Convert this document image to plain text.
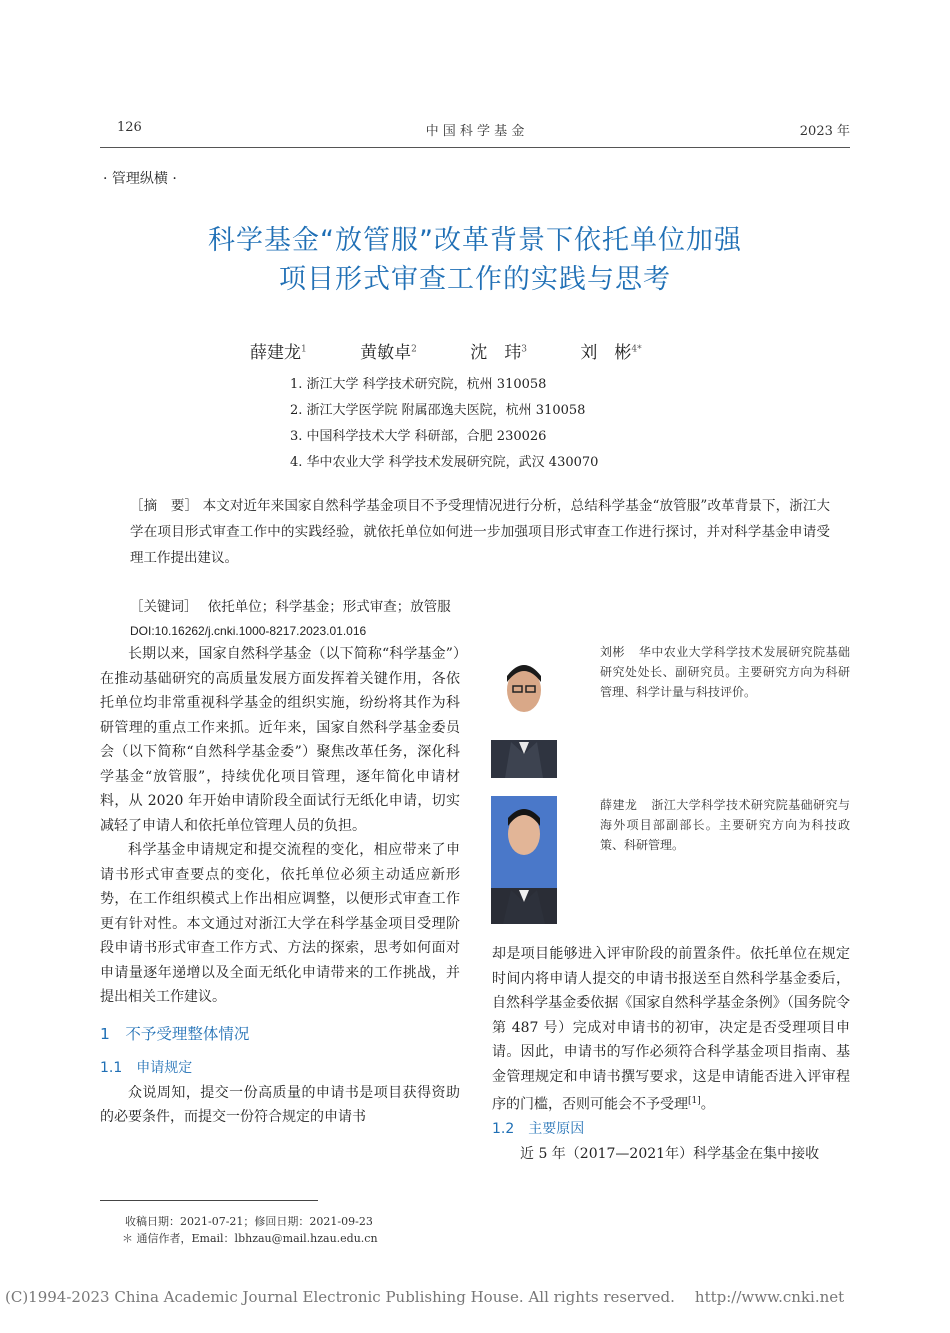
126	中 国 科 学 基 金	2023 年
· 管理纵横 ·
科学基金“放管服”改革背景下依托单位加强
项目形式审查工作的实践与思考
薛建龙$^1$	黄敏卓$^2$	沈　玮$^3$	刘　彬$^{4*}$
1. 浙江大学 科学技术研究院，杭州 310058
2. 浙江大学医学院 附属邵逸夫医院，杭州 310058
3. 中国科学技术大学 科研部，合肥 230026
4. 华中农业大学 科学技术发展研究院，武汉 430070
［摘　要］ 本文对近年来国家自然科学基金项目不予受理情况进行分析，总结科学基金“放管服”改革背景下，浙江大学在项目形式审查工作中的实践经验，就依托单位如何进一步加强项目形式审查工作进行探讨，并对科学基金申请受理工作提出建议。
［关键词］ 依托单位；科学基金；形式审查；放管服
DOI:10.16262/j.cnki.1000-8217.2023.01.016

长期以来，国家自然科学基金（以下简称“科学基金”）在推动基础研究的高质量发展方面发挥着关键作用，各依托单位均非常重视科学基金的组织实施，纷纷将其作为科研管理的重点工作来抓。近年来，国家自然科学基金委员会（以下简称“自然科学基金委”）聚焦改革任务，深化科学基金“放管服”，持续优化项目管理，逐年简化申请材料，从 2020 年开始申请阶段全面试行无纸化申请，切实减轻了申请人和依托单位管理人员的负担。

科学基金申请规定和提交流程的变化，相应带来了申请书形式审查要点的变化，依托单位必须主动适应新形势，在工作组织模式上作出相应调整，以便形式审查工作更有针对性。本文通过对浙江大学在科学基金项目受理阶段申请书形式审查工作方式、方法的探索，思考如何面对申请量逐年递增以及全面无纸化申请带来的工作挑战，并提出相关工作建议。

1　不予受理整体情况
1.1　申请规定

众说周知，提交一份高质量的申请书是项目获得资助的必要条件，而提交一份符合规定的申请书

刘彬 华中农业大学科学技术发展研究院基础研究处处长、副研究员。主要研究方向为科研管理、科学计量与科技评价。
薛建龙 浙江大学科学技术研究院基础研究与海外项目部副部长。主要研究方向为科技政策、科研管理。
却是项目能够进入评审阶段的前置条件。依托单位在规定时间内将申请人提交的申请书报送至自然科学基金委后，自然科学基金委依据《国家自然科学基金条例》（国务院令第 487 号）完成对申请书的初审，决定是否受理项目申请。因此，申请书的写作必须符合科学基金项目指南、基金管理规定和申请书撰写要求，这是申请能否进入评审程序的门槛，否则可能会不予受理[1]。
1.2　主要原因

近 5 年（2017—2021年）科学基金在集中接收

收稿日期：2021-07-21；修回日期：2021-09-23
＊ 通信作者，Email：lbhzau@mail.hzau.edu.cn
(C)1994-2023 China Academic Journal Electronic Publishing House. All rights reserved. http://www.cnki.net
